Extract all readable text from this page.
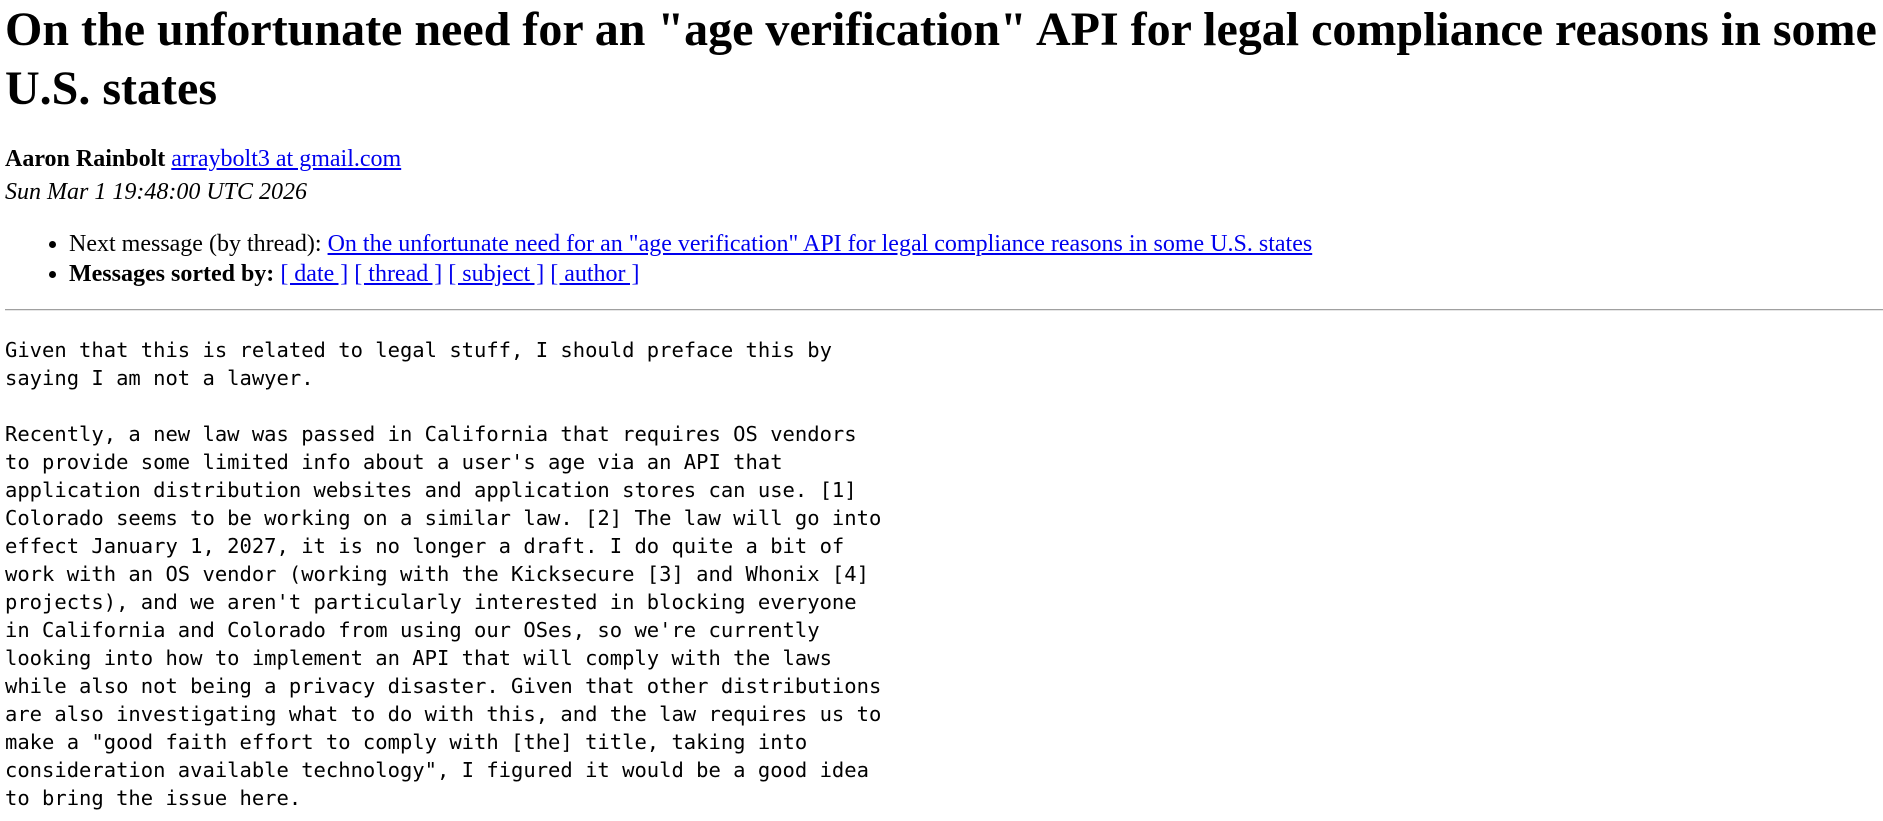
On the unfortunate need for an "age verification" API for legal compliance reasons in some U.S. states
Aaron Rainbolt arraybolt3 at gmail.com
Sun Mar 1 19:48:00 UTC 2026
• Next message (by thread): On the unfortunate need for an "age verification" API for legal compliance reasons in some U.S. states
• Messages sorted by: [ date ] [ thread ] [ subject ] [ author ]
Given that this is related to legal stuff, I should preface this by
saying I am not a lawyer.

Recently, a new law was passed in California that requires OS vendors
to provide some limited info about a user's age via an API that
application distribution websites and application stores can use. [1]
Colorado seems to be working on a similar law. [2] The law will go into
effect January 1, 2027, it is no longer a draft. I do quite a bit of
work with an OS vendor (working with the Kicksecure [3] and Whonix [4]
projects), and we aren't particularly interested in blocking everyone
in California and Colorado from using our OSes, so we're currently
looking into how to implement an API that will comply with the laws
while also not being a privacy disaster. Given that other distributions
are also investigating what to do with this, and the law requires us to
make a "good faith effort to comply with [the] title, taking into
consideration available technology", I figured it would be a good idea
to bring the issue here.
